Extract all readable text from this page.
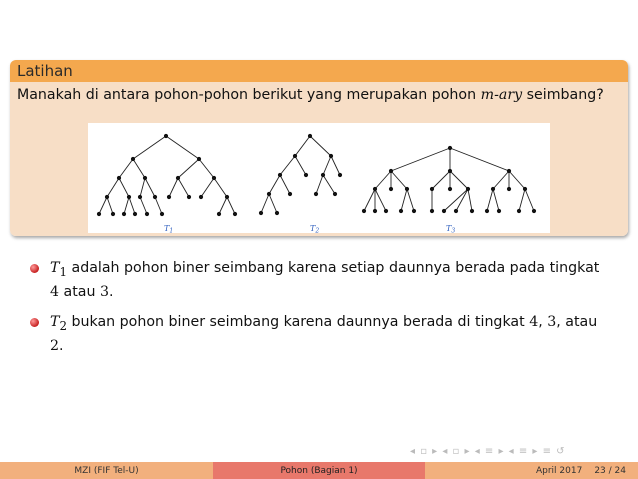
Latihan
Manakah di antara pohon-pohon berikut yang merupakan pohon m-ary seimbang?
T1	T2	T3
$T_1$ adalah pohon biner seimbang karena setiap daunnya berada pada tingkat
4 atau 3.
$T_2$ bukan pohon biner seimbang karena daunnya berada di tingkat 4, 3, atau
2.
◂ ▫ ▸ ◂ ▫ ▸ ◂ ≡ ▸ ◂ ≡ ▸ ≡ ↺
MZI (FIF Tel-U)	Pohon (Bagian 1)	April 2017 23 / 24
